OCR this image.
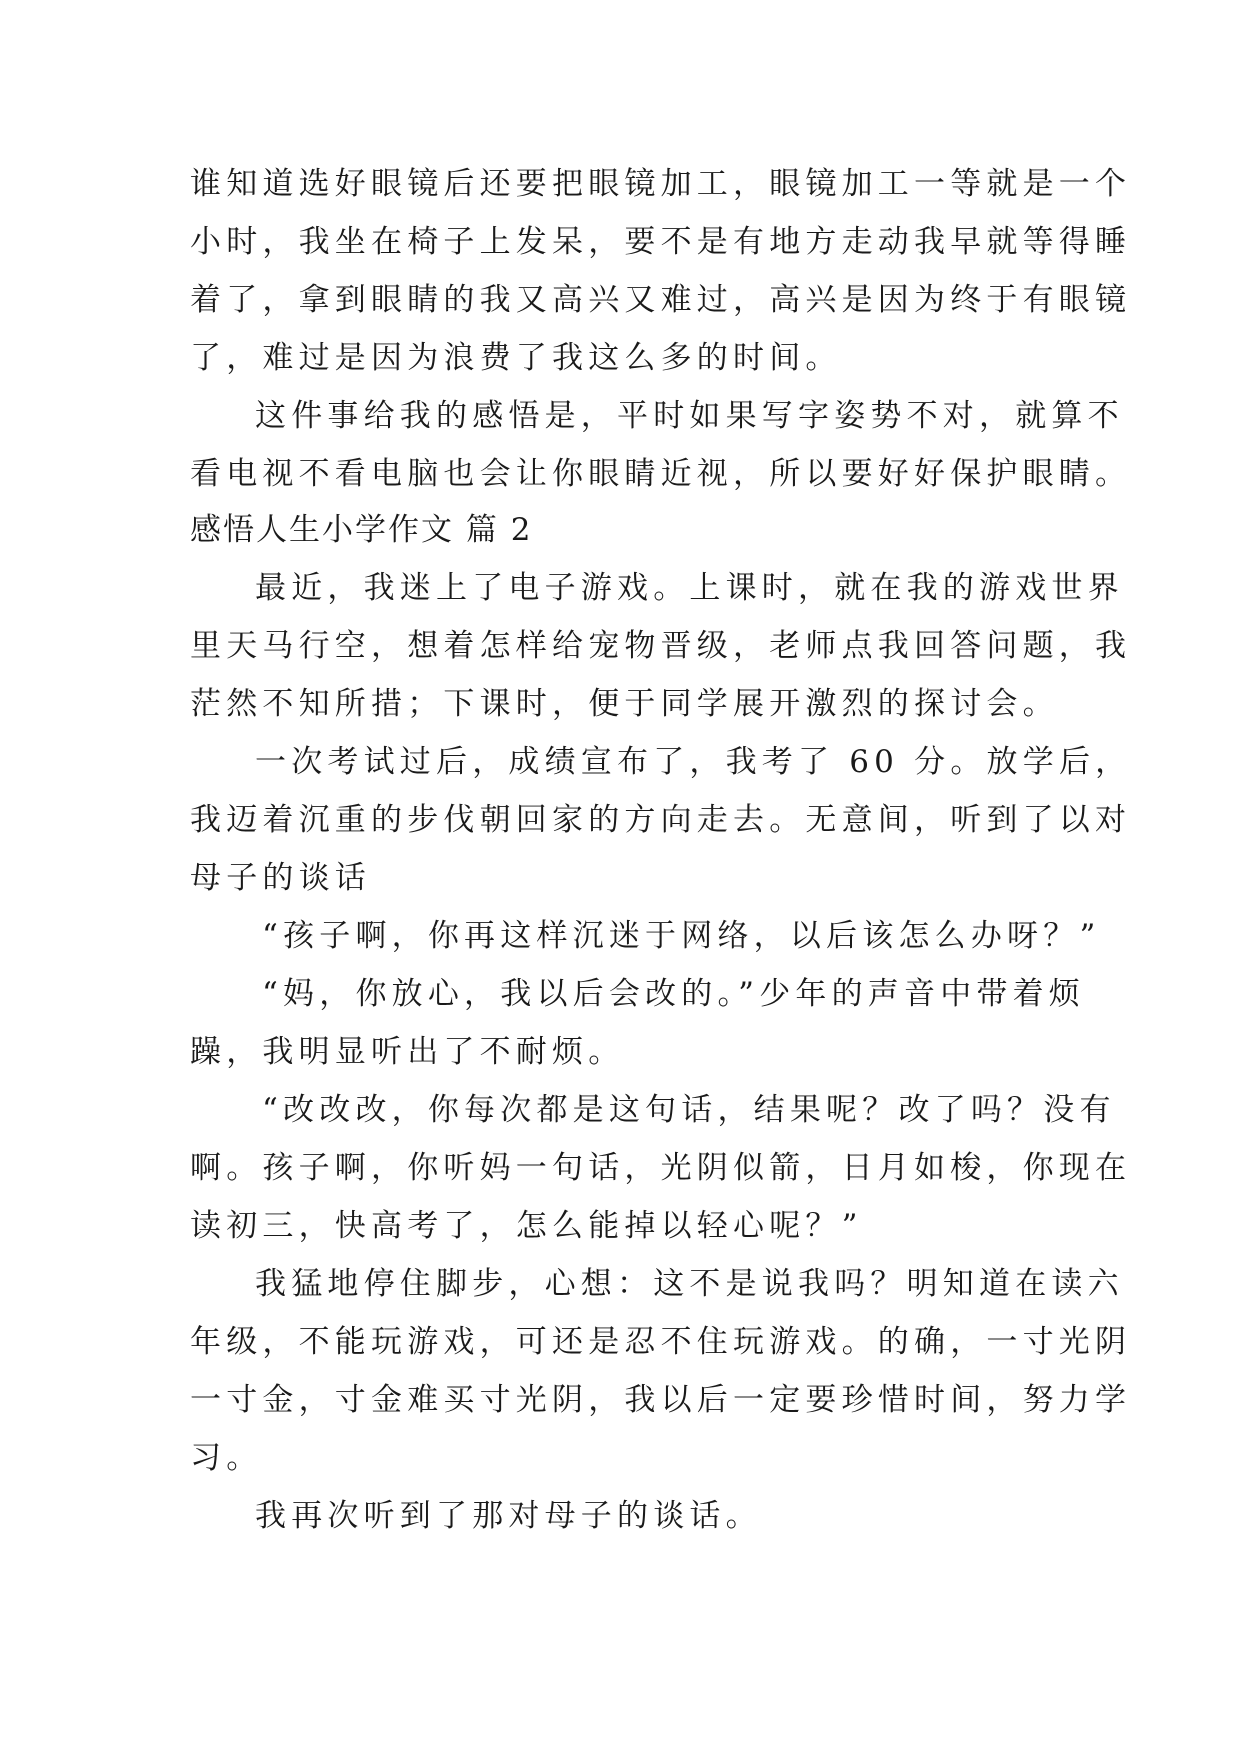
谁知道选好眼镜后还要把眼镜加工，眼镜加工一等就是一个
小时，我坐在椅子上发呆，要不是有地方走动我早就等得睡
着了，拿到眼睛的我又高兴又难过，高兴是因为终于有眼镜
了，难过是因为浪费了我这么多的时间。
这件事给我的感悟是，平时如果写字姿势不对，就算不
看电视不看电脑也会让你眼睛近视，所以要好好保护眼睛。
感悟人生小学作文 篇 2
最近，我迷上了电子游戏。上课时，就在我的游戏世界
里天马行空，想着怎样给宠物晋级，老师点我回答问题，我
茫然不知所措；下课时，便于同学展开激烈的探讨会。
一次考试过后，成绩宣布了，我考了 60 分。放学后，
我迈着沉重的步伐朝回家的方向走去。无意间，听到了以对
母子的谈话
“孩子啊，你再这样沉迷于网络，以后该怎么办呀？”
“妈，你放心，我以后会改的。”少年的声音中带着烦
躁，我明显听出了不耐烦。
“改改改，你每次都是这句话，结果呢？改了吗？没有
啊。孩子啊，你听妈一句话，光阴似箭，日月如梭，你现在
读初三，快高考了，怎么能掉以轻心呢？”
我猛地停住脚步，心想：这不是说我吗？明知道在读六
年级，不能玩游戏，可还是忍不住玩游戏。的确，一寸光阴
一寸金，寸金难买寸光阴，我以后一定要珍惜时间，努力学
习。
我再次听到了那对母子的谈话。
